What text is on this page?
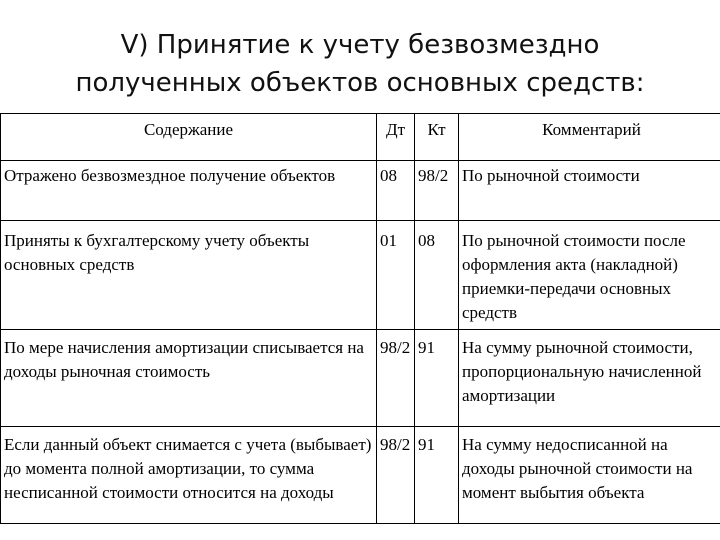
V) Принятие к учету безвозмездно
полученных объектов основных средств:
Содержание	Дт	Кт	Комментарий
Отражено безвозмездное получение объектов	08	98/2	По рыночной стоимости
Приняты к бухгалтерскому учету объекты основных средств	01	08	По рыночной стоимости после оформления акта (накладной) приемки-передачи основных средств
По мере начисления амортизации списывается на доходы рыночная стоимость	98/2	91	На сумму рыночной стоимости, пропорциональную начисленной амортизации
Если данный объект снимается с учета (выбывает) до момента полной амортизации, то сумма несписанной стоимости относится на доходы	98/2	91	На сумму недосписанной на доходы рыночной стоимости на момент выбытия объекта
